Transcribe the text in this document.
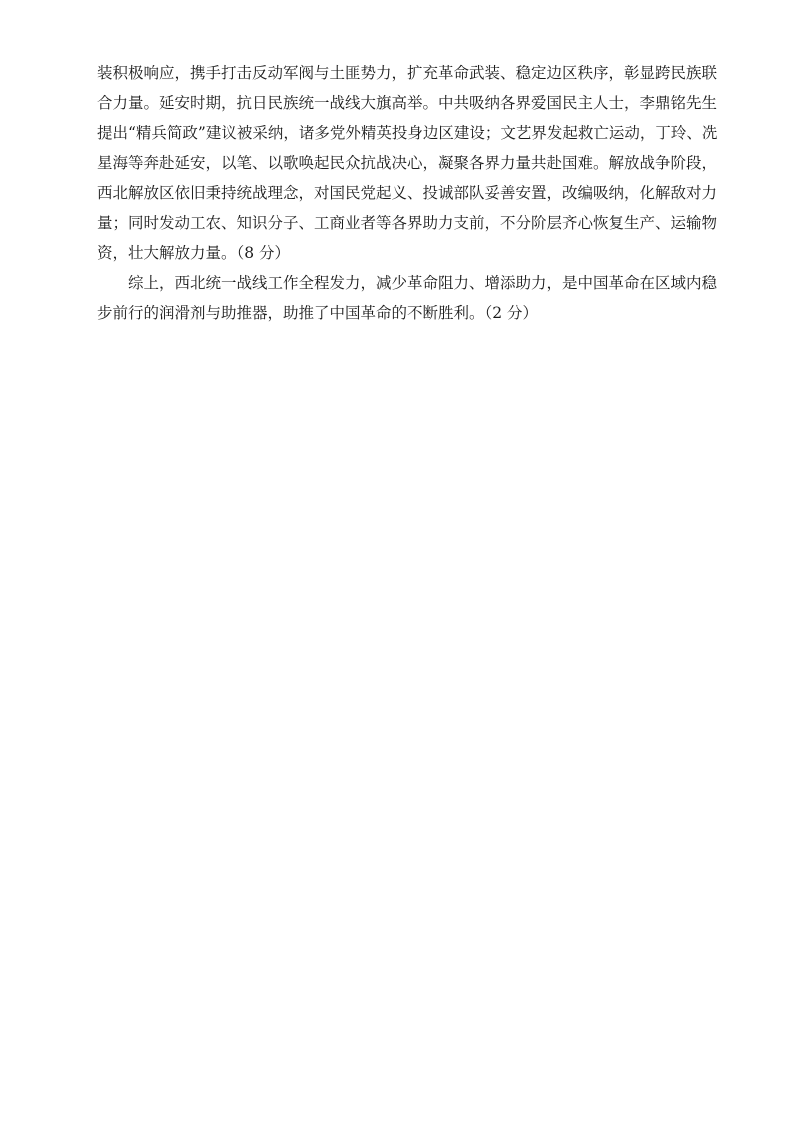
装积极响应，携手打击反动军阀与土匪势力，扩充革命武装、稳定边区秩序，彰显跨民族联
合力量。延安时期，抗日民族统一战线大旗高举。中共吸纳各界爱国民主人士，李鼎铭先生
提出“精兵简政”建议被采纳，诸多党外精英投身边区建设；文艺界发起救亡运动，丁玲、冼
星海等奔赴延安，以笔、以歌唤起民众抗战决心，凝聚各界力量共赴国难。解放战争阶段，
西北解放区依旧秉持统战理念，对国民党起义、投诚部队妥善安置，改编吸纳，化解敌对力
量；同时发动工农、知识分子、工商业者等各界助力支前，不分阶层齐心恢复生产、运输物
资，壮大解放力量。（8 分）
综上，西北统一战线工作全程发力，减少革命阻力、增添助力，是中国革命在区域内稳
步前行的润滑剂与助推器，助推了中国革命的不断胜利。（2 分）
